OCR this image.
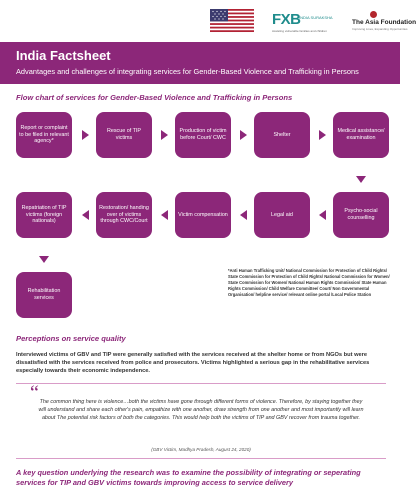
FXB
INDIA SURAKSHA
Assisting vulnerable families and children
The Asia Foundation
Improving Lives, Expanding Opportunities
India Factsheet
Advantages and challenges of integrating services for Gender-Based Violence and Trafficking in Persons
Flow chart of services for Gender-Based Violence and Trafficking in Persons
Report or complaint to be filed in relevant agency*
Rescue of TIP victims
Production of victim before Court/ CWC
Shelter
Medical assistance/ examination
Psycho-social counselling
Legal aid
Victim compensation
Restoration/ handing over of victims through CWC/Court
Repatriation of TIP victims (foreign nationals)
Rehabilitation services
*Anti Human Trafficking Unit/ National Commission for Protection of Child Rights/ State Commission for Protection of Child Rights/ National Commission for Women/ State Commission for Women/ National Human Rights Commission/ State Human Rights Commission/ Child Welfare Committee/ Court/ Non Governmental Organisation/ helpline service/ relevant online portal /Local Police Station
Perceptions on service quality
Interviewed victims of GBV and TIP were generally satisfied with the services received at the shelter home or from NGOs but were dissatisfied with the services received from police and prosecutors. Victims highlighted a serious gap in the rehabilitative services especially towards their economic independence.
“ The common thing here is violence…both the victims have gone through different forms of violence. Therefore, by staying together they will understand and share each other's pain, empathize with one another, draw strength from one another and most importantly will learn about The potential risk factors of both the categories. This would help both the victims of TIP and GBV recover from trauma together.
(GBV Victim, Madhya Pradesh, August 24, 2020)
A key question underlying the research was to examine the possibility of integrating or seperating services for TIP and GBV victims towards improving access to service delivery
